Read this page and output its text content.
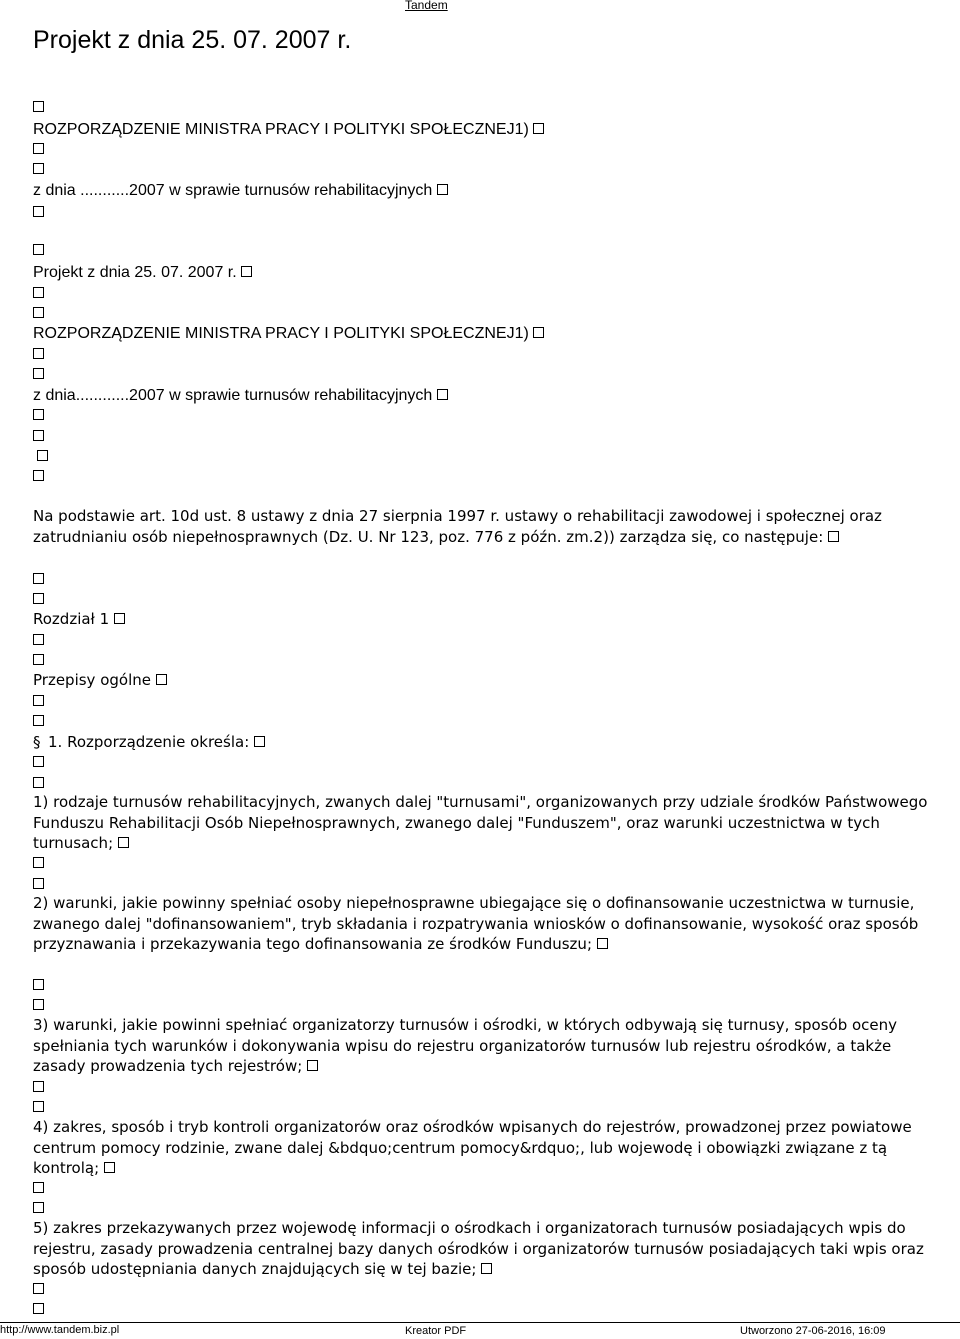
Tandem
Projekt z dnia 25. 07. 2007 r.
ROZPORZĄDZENIE MINISTRA PRACY I POLITYKI SPOŁECZNEJ1)
z dnia ...........2007 w sprawie turnusów rehabilitacyjnych
Projekt z dnia 25. 07. 2007 r.
ROZPORZĄDZENIE MINISTRA PRACY I POLITYKI SPOŁECZNEJ1)
z dnia............2007 w sprawie turnusów rehabilitacyjnych

Na podstawie art. 10d ust. 8 ustawy z dnia 27 sierpnia 1997 r. ustawy o rehabilitacji zawodowej i społecznej oraz zatrudnianiu osób niepełnosprawnych (Dz. U. Nr 123, poz. 776 z późn. zm.2)) zarządza się, co następuje:
Rozdział 1
Przepisy ogólne
§ 1. Rozporządzenie określa:
1) rodzaje turnusów rehabilitacyjnych, zwanych dalej "turnusami", organizowanych przy udziale środków Państwowego Funduszu Rehabilitacji Osób Niepełnosprawnych, zwanego dalej "Funduszem", oraz warunki uczestnictwa w tych turnusach;
2) warunki, jakie powinny spełniać osoby niepełnosprawne ubiegające się o dofinansowanie uczestnictwa w turnusie, zwanego dalej "dofinansowaniem", tryb składania i rozpatrywania wniosków o dofinansowanie, wysokość oraz sposób przyznawania i przekazywania tego dofinansowania ze środków Funduszu;
3) warunki, jakie powinni spełniać organizatorzy turnusów i ośrodki, w których odbywają się turnusy, sposób oceny spełniania tych warunków i dokonywania wpisu do rejestru organizatorów turnusów lub rejestru ośrodków, a także zasady prowadzenia tych rejestrów;
4) zakres, sposób i tryb kontroli organizatorów oraz ośrodków wpisanych do rejestrów, prowadzonej przez powiatowe centrum pomocy rodzinie, zwane dalej &bdquo;centrum pomocy&rdquo;, lub wojewodę i obowiązki związane z tą kontrolą;
5) zakres przekazywanych przez wojewodę informacji o ośrodkach i organizatorach turnusów posiadających wpis do rejestru, zasady prowadzenia centralnej bazy danych ośrodków i organizatorów turnusów posiadających taki wpis oraz sposób udostępniania danych znajdujących się w tej bazie;
http://www.tandem.biz.pl	Kreator PDF	Utworzono 27-06-2016, 16:09
